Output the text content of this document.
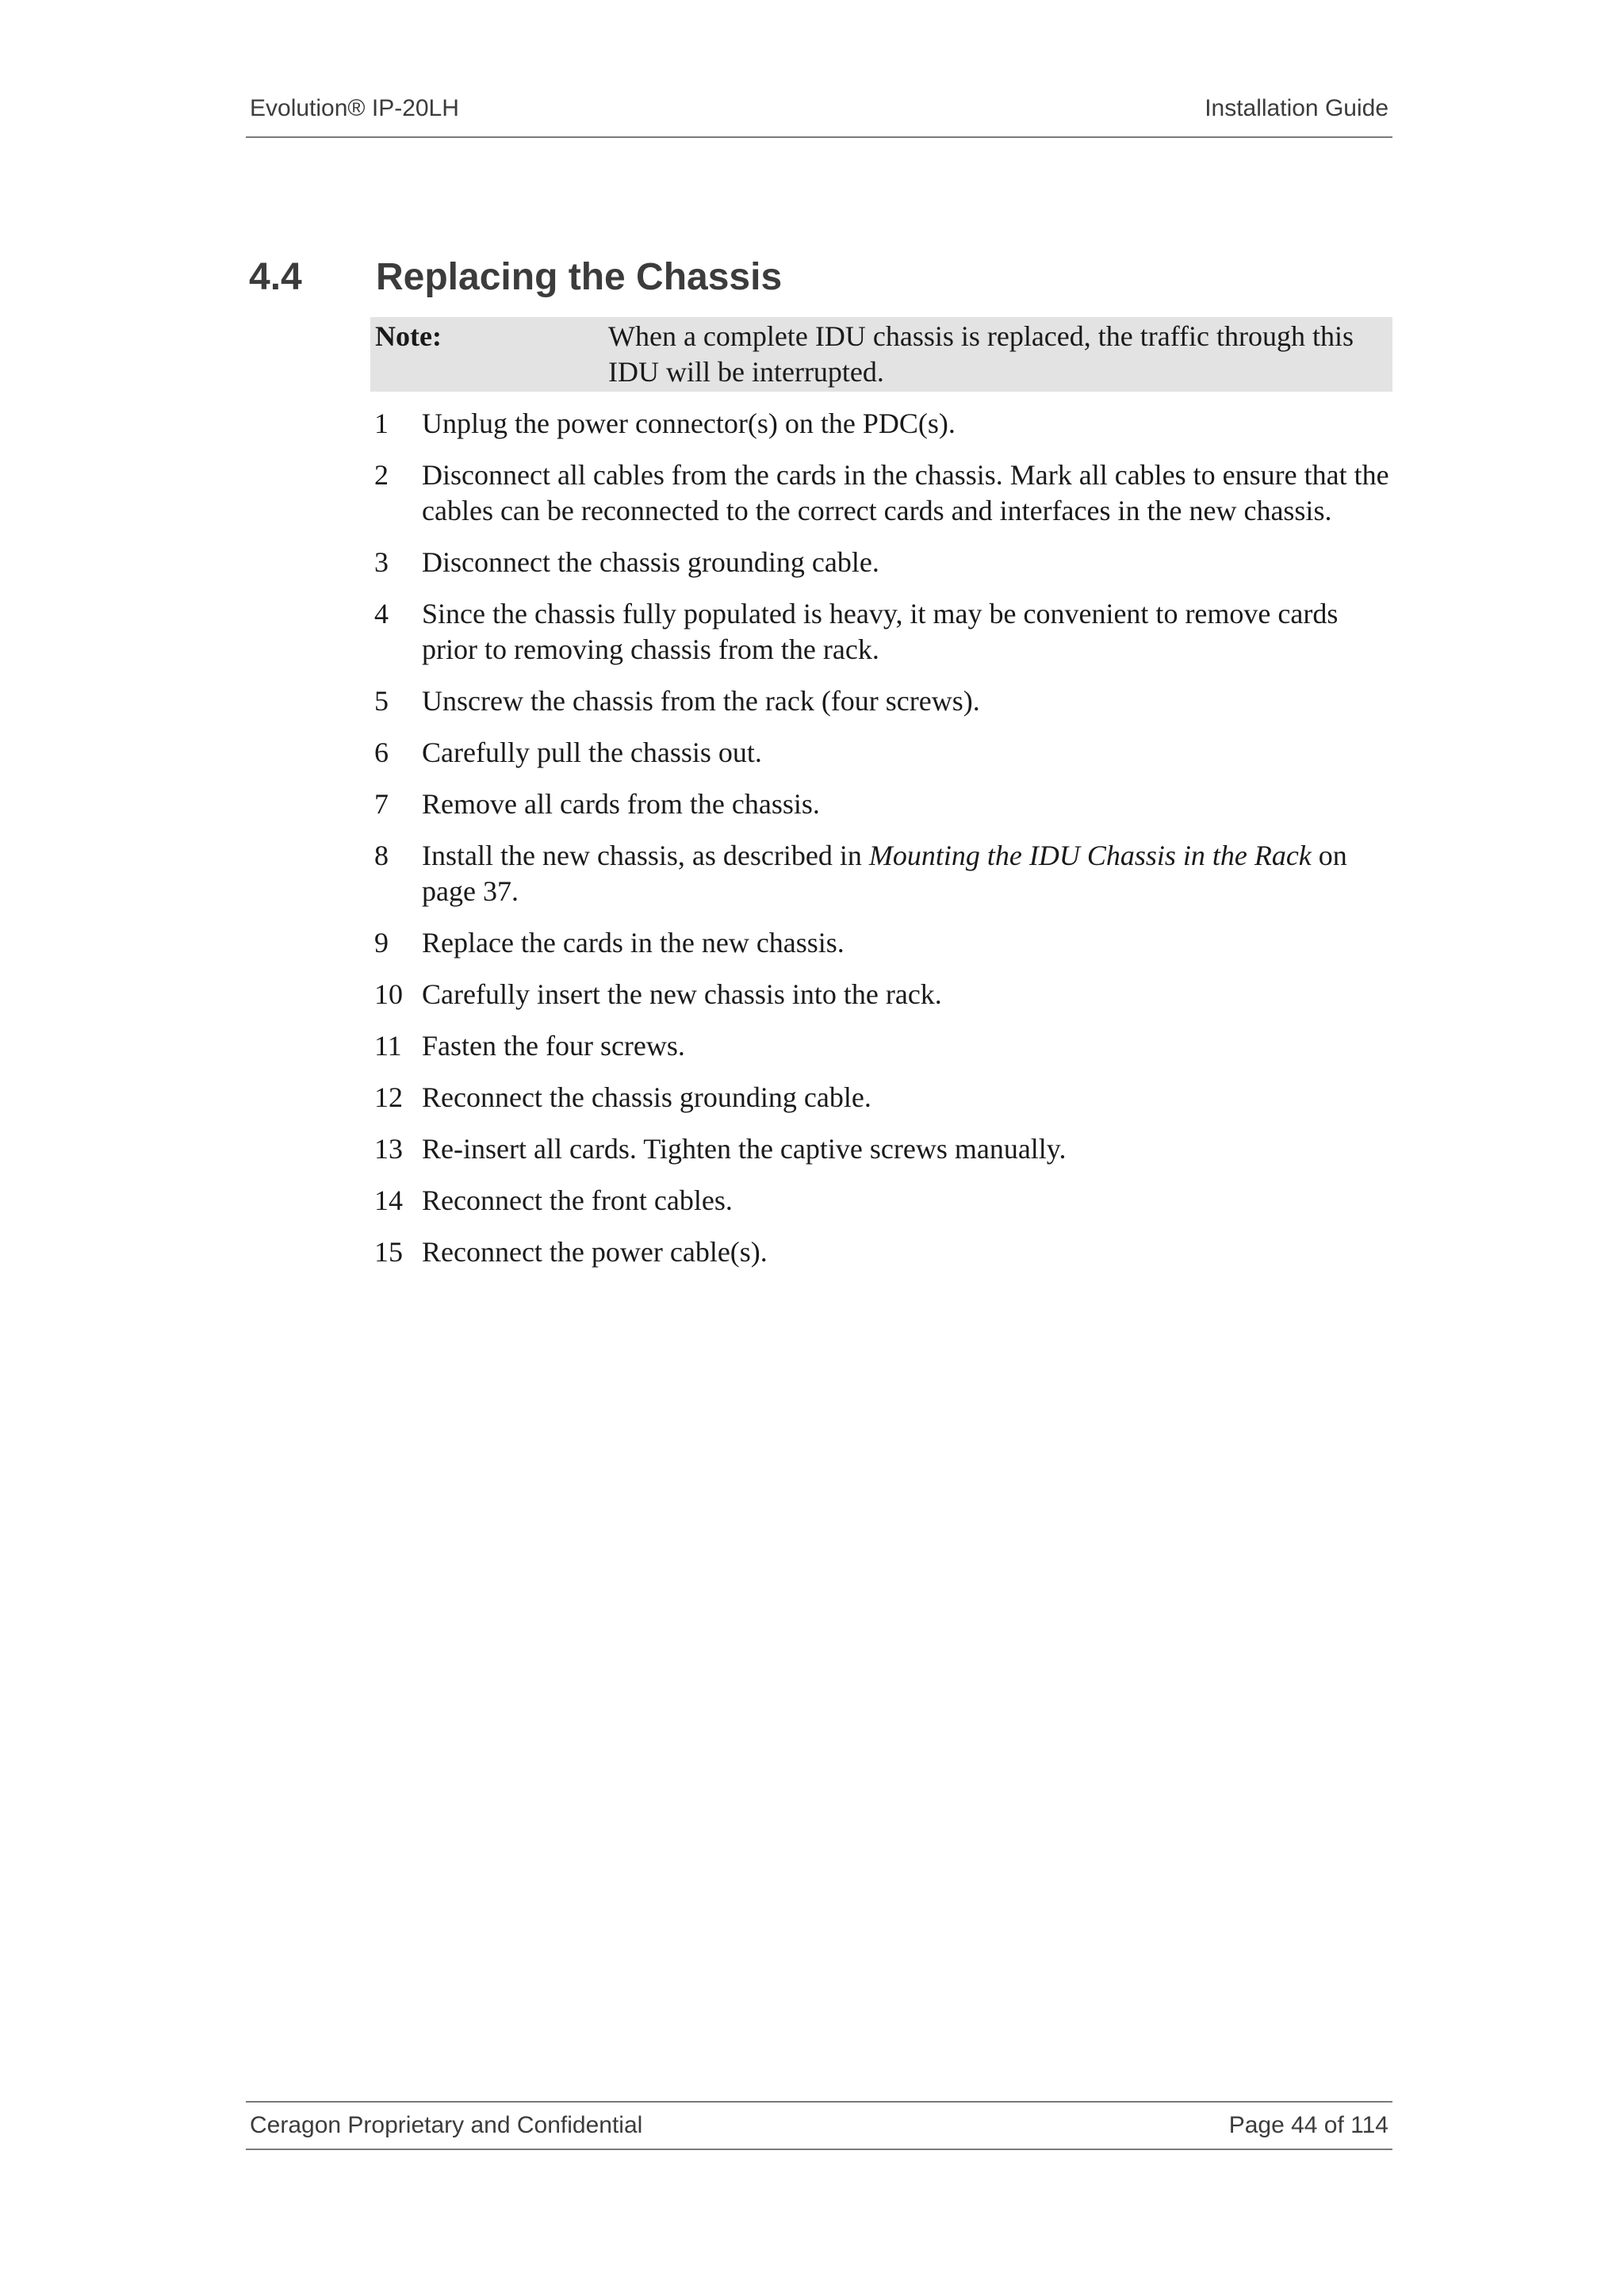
Evolution® IP-20LH	Installation Guide
4.4 Replacing the Chassis
Note:	When a complete IDU chassis is replaced, the traffic through this IDU will be interrupted.
1 Unplug the power connector(s) on the PDC(s).
2 Disconnect all cables from the cards in the chassis. Mark all cables to ensure that the cables can be reconnected to the correct cards and interfaces in the new chassis.
3 Disconnect the chassis grounding cable.
4 Since the chassis fully populated is heavy, it may be convenient to remove cards prior to removing chassis from the rack.
5 Unscrew the chassis from the rack (four screws).
6 Carefully pull the chassis out.
7 Remove all cards from the chassis.
8 Install the new chassis, as described in Mounting the IDU Chassis in the Rack on page 37.
9 Replace the cards in the new chassis.
10 Carefully insert the new chassis into the rack.
11 Fasten the four screws.
12 Reconnect the chassis grounding cable.
13 Re-insert all cards. Tighten the captive screws manually.
14 Reconnect the front cables.
15 Reconnect the power cable(s).
Ceragon Proprietary and Confidential	Page 44 of 114
